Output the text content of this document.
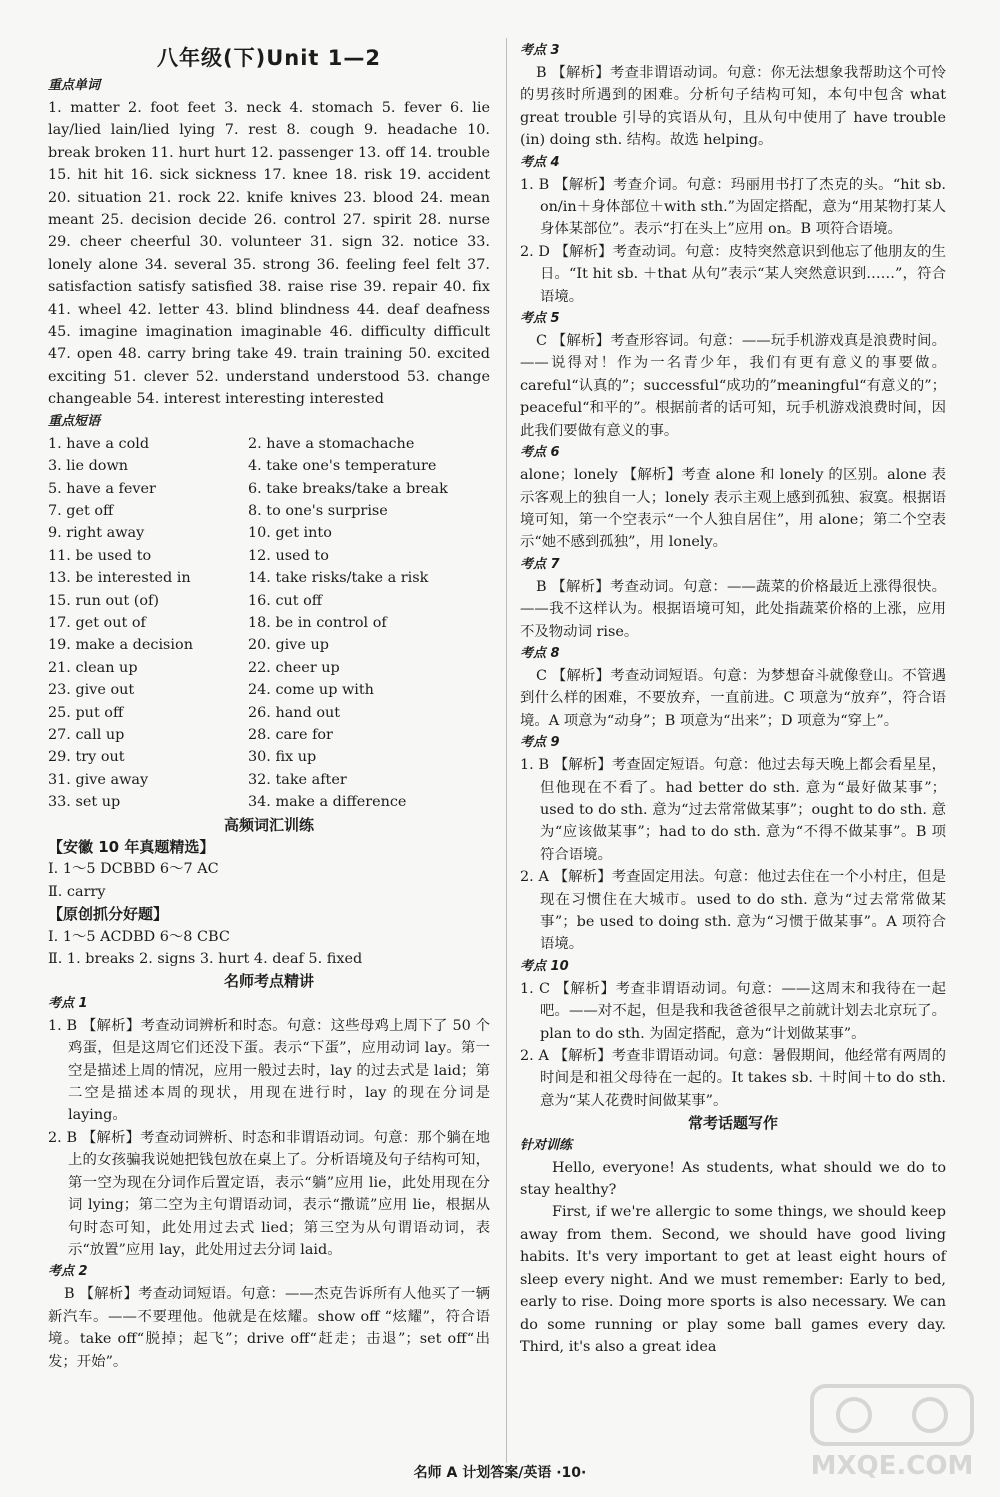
八年级(下)Unit 1—2
重点单词
1. matter 2. foot feet 3. neck 4. stomach 5. fever 6. lie lay/lied lain/lied lying 7. rest 8. cough 9. headache 10. break broken 11. hurt hurt 12. passenger 13. off 14. trouble 15. hit hit 16. sick sickness 17. knee 18. risk 19. accident 20. situation 21. rock 22. knife knives 23. blood 24. mean meant 25. decision decide 26. control 27. spirit 28. nurse 29. cheer cheerful 30. volunteer 31. sign 32. notice 33. lonely alone 34. several 35. strong 36. feeling feel felt 37. satisfaction satisfy satisfied 38. raise rise 39. repair 40. fix 41. wheel 42. letter 43. blind blindness 44. deaf deafness 45. imagine imagination imaginable 46. difficulty difficult 47. open 48. carry bring take 49. train training 50. excited exciting 51. clever 52. understand understood 53. change changeable 54. interest interesting interested
重点短语
1. have a cold	2. have a stomachache
3. lie down	4. take one's temperature
5. have a fever	6. take breaks/take a break
7. get off	8. to one's surprise
9. right away	10. get into
11. be used to	12. used to
13. be interested in	14. take risks/take a risk
15. run out (of)	16. cut off
17. get out of	18. be in control of
19. make a decision	20. give up
21. clean up	22. cheer up
23. give out	24. come up with
25. put off	26. hand out
27. call up	28. care for
29. try out	30. fix up
31. give away	32. take after
33. set up	34. make a difference
高频词汇训练
【安徽 10 年真题精选】
Ⅰ. 1～5 DCBBD 6～7 AC
Ⅱ. carry
【原创抓分好题】
Ⅰ. 1～5 ACDBD 6～8 CBC
Ⅱ. 1. breaks 2. signs 3. hurt 4. deaf 5. fixed
名师考点精讲
考点 1
1. B 【解析】考查动词辨析和时态。句意：这些母鸡上周下了 50 个鸡蛋，但是这周它们还没下蛋。表示“下蛋”，应用动词 lay。第一空是描述上周的情况，应用一般过去时，lay 的过去式是 laid；第二空是描述本周的现状，用现在进行时，lay 的现在分词是 laying。
2. B 【解析】考查动词辨析、时态和非谓语动词。句意：那个躺在地上的女孩骗我说她把钱包放在桌上了。分析语境及句子结构可知，第一空为现在分词作后置定语，表示“躺”应用 lie，此处用现在分词 lying；第二空为主句谓语动词，表示“撒谎”应用 lie，根据从句时态可知，此处用过去式 lied；第三空为从句谓语动词，表示“放置”应用 lay，此处用过去分词 laid。
考点 2
B 【解析】考查动词短语。句意：——杰克告诉所有人他买了一辆新汽车。——不要理他。他就是在炫耀。show off “炫耀”，符合语境。take off“脱掉；起飞”；drive off“赶走；击退”；set off“出发；开始”。
考点 3
B 【解析】考查非谓语动词。句意：你无法想象我帮助这个可怜的男孩时所遇到的困难。分析句子结构可知，本句中包含 what great trouble 引导的宾语从句，且从句中使用了 have trouble (in) doing sth. 结构。故选 helping。
考点 4
1. B 【解析】考查介词。句意：玛丽用书打了杰克的头。“hit sb. on/in＋身体部位＋with sth.”为固定搭配，意为“用某物打某人身体某部位”。表示“打在头上”应用 on。B 项符合语境。
2. D 【解析】考查动词。句意：皮特突然意识到他忘了他朋友的生日。“It hit sb. ＋that 从句”表示“某人突然意识到……”，符合语境。
考点 5
C 【解析】考查形容词。句意：——玩手机游戏真是浪费时间。——说得对！作为一名青少年，我们有更有意义的事要做。careful“认真的”；successful“成功的”meaningful“有意义的”；peaceful“和平的”。根据前者的话可知，玩手机游戏浪费时间，因此我们要做有意义的事。
考点 6
alone；lonely 【解析】考查 alone 和 lonely 的区别。alone 表示客观上的独自一人；lonely 表示主观上感到孤独、寂寞。根据语境可知，第一个空表示“一个人独自居住”，用 alone；第二个空表示“她不感到孤独”，用 lonely。
考点 7
B 【解析】考查动词。句意：——蔬菜的价格最近上涨得很快。——我不这样认为。根据语境可知，此处指蔬菜价格的上涨，应用不及物动词 rise。
考点 8
C 【解析】考查动词短语。句意：为梦想奋斗就像登山。不管遇到什么样的困难，不要放弃，一直前进。C 项意为“放弃”，符合语境。A 项意为“动身”；B 项意为“出来”；D 项意为“穿上”。
考点 9
1. B 【解析】考查固定短语。句意：他过去每天晚上都会看星星，但他现在不看了。had better do sth. 意为“最好做某事”；used to do sth. 意为“过去常常做某事”；ought to do sth. 意为“应该做某事”；had to do sth. 意为“不得不做某事”。B 项符合语境。
2. A 【解析】考查固定用法。句意：他过去住在一个小村庄，但是现在习惯住在大城市。used to do sth. 意为“过去常常做某事”；be used to doing sth. 意为“习惯于做某事”。A 项符合语境。
考点 10
1. C 【解析】考查非谓语动词。句意：——这周末和我待在一起吧。——对不起，但是我和我爸爸很早之前就计划去北京玩了。plan to do sth. 为固定搭配，意为“计划做某事”。
2. A 【解析】考查非谓语动词。句意：暑假期间，他经常有两周的时间是和祖父母待在一起的。It takes sb. ＋时间＋to do sth. 意为“某人花费时间做某事”。
常考话题写作
针对训练
Hello, everyone! As students, what should we do to stay healthy?
First, if we're allergic to some things, we should keep away from them. Second, we should have good living habits. It's very important to get at least eight hours of sleep every night. And we must remember: Early to bed, early to rise. Doing more sports is also necessary. We can do some running or play some ball games every day. Third, it's also a great idea
名师 A 计划答案/英语 ·10·	MXQE.COM
